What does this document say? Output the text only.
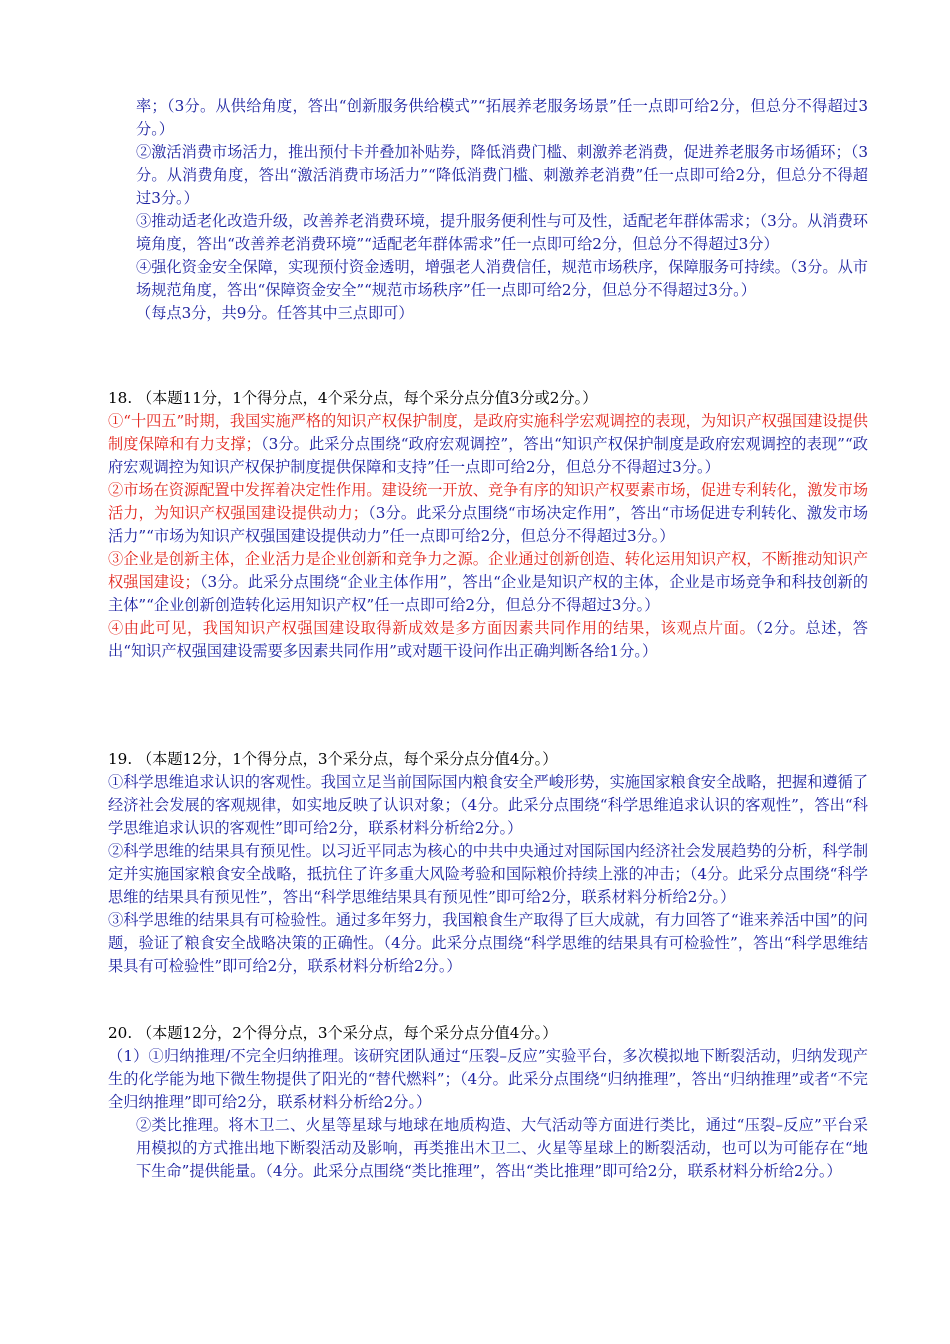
率；（3分。从供给角度，答出“创新服务供给模式”“拓展养老服务场景”任一点即可给2分，但总分不得超过3分。）

②激活消费市场活力，推出预付卡并叠加补贴券，降低消费门槛、刺激养老消费，促进养老服务市场循环；（3分。从消费角度，答出“激活消费市场活力”“降低消费门槛、刺激养老消费”任一点即可给2分，但总分不得超过3分。）

③推动适老化改造升级，改善养老消费环境，提升服务便利性与可及性，适配老年群体需求；（3分。从消费环境角度，答出“改善养老消费环境”“适配老年群体需求”任一点即可给2分，但总分不得超过3分）

④强化资金安全保障，实现预付资金透明，增强老人消费信任，规范市场秩序，保障服务可持续。（3分。从市场规范角度，答出“保障资金安全”“规范市场秩序”任一点即可给2分，但总分不得超过3分。）

（每点3分，共9分。任答其中三点即可）

18. （本题11分，1个得分点，4个采分点，每个采分点分值3分或2分。）

①“十四五”时期，我国实施严格的知识产权保护制度，是政府实施科学宏观调控的表现，为知识产权强国建设提供制度保障和有力支撑；（3分。此采分点围绕“政府宏观调控”，答出“知识产权保护制度是政府宏观调控的表现”“政府宏观调控为知识产权保护制度提供保障和支持”任一点即可给2分，但总分不得超过3分。）

②市场在资源配置中发挥着决定性作用。建设统一开放、竞争有序的知识产权要素市场，促进专利转化，激发市场活力，为知识产权强国建设提供动力；（3分。此采分点围绕“市场决定作用”，答出“市场促进专利转化、激发市场活力”“市场为知识产权强国建设提供动力”任一点即可给2分，但总分不得超过3分。）

③企业是创新主体，企业活力是企业创新和竞争力之源。企业通过创新创造、转化运用知识产权，不断推动知识产权强国建设；（3分。此采分点围绕“企业主体作用”，答出“企业是知识产权的主体，企业是市场竞争和科技创新的主体”“企业创新创造转化运用知识产权”任一点即可给2分，但总分不得超过3分。）

④由此可见，我国知识产权强国建设取得新成效是多方面因素共同作用的结果，该观点片面。（2分。总述，答出“知识产权强国建设需要多因素共同作用”或对题干设问作出正确判断各给1分。）

19. （本题12分，1个得分点，3个采分点，每个采分点分值4分。）

①科学思维追求认识的客观性。我国立足当前国际国内粮食安全严峻形势，实施国家粮食安全战略，把握和遵循了经济社会发展的客观规律，如实地反映了认识对象；（4分。此采分点围绕“科学思维追求认识的客观性”，答出“科学思维追求认识的客观性”即可给2分，联系材料分析给2分。）

②科学思维的结果具有预见性。以习近平同志为核心的中共中央通过对国际国内经济社会发展趋势的分析，科学制定并实施国家粮食安全战略，抵抗住了许多重大风险考验和国际粮价持续上涨的冲击；（4分。此采分点围绕“科学思维的结果具有预见性”，答出“科学思维结果具有预见性”即可给2分，联系材料分析给2分。）

③科学思维的结果具有可检验性。通过多年努力，我国粮食生产取得了巨大成就，有力回答了“谁来养活中国”的问题，验证了粮食安全战略决策的正确性。（4分。此采分点围绕“科学思维的结果具有可检验性”，答出“科学思维结果具有可检验性”即可给2分，联系材料分析给2分。）

20. （本题12分，2个得分点，3个采分点，每个采分点分值4分。）

（1）①归纳推理/不完全归纳推理。该研究团队通过“压裂–反应”实验平台，多次模拟地下断裂活动，归纳发现产生的化学能为地下微生物提供了阳光的“替代燃料”；（4分。此采分点围绕“归纳推理”，答出“归纳推理”或者“不完全归纳推理”即可给2分，联系材料分析给2分。）

②类比推理。将木卫二、火星等星球与地球在地质构造、大气活动等方面进行类比，通过“压裂–反应”平台采用模拟的方式推出地下断裂活动及影响，再类推出木卫二、火星等星球上的断裂活动，也可以为可能存在“地下生命”提供能量。（4分。此采分点围绕“类比推理”，答出“类比推理”即可给2分，联系材料分析给2分。）
